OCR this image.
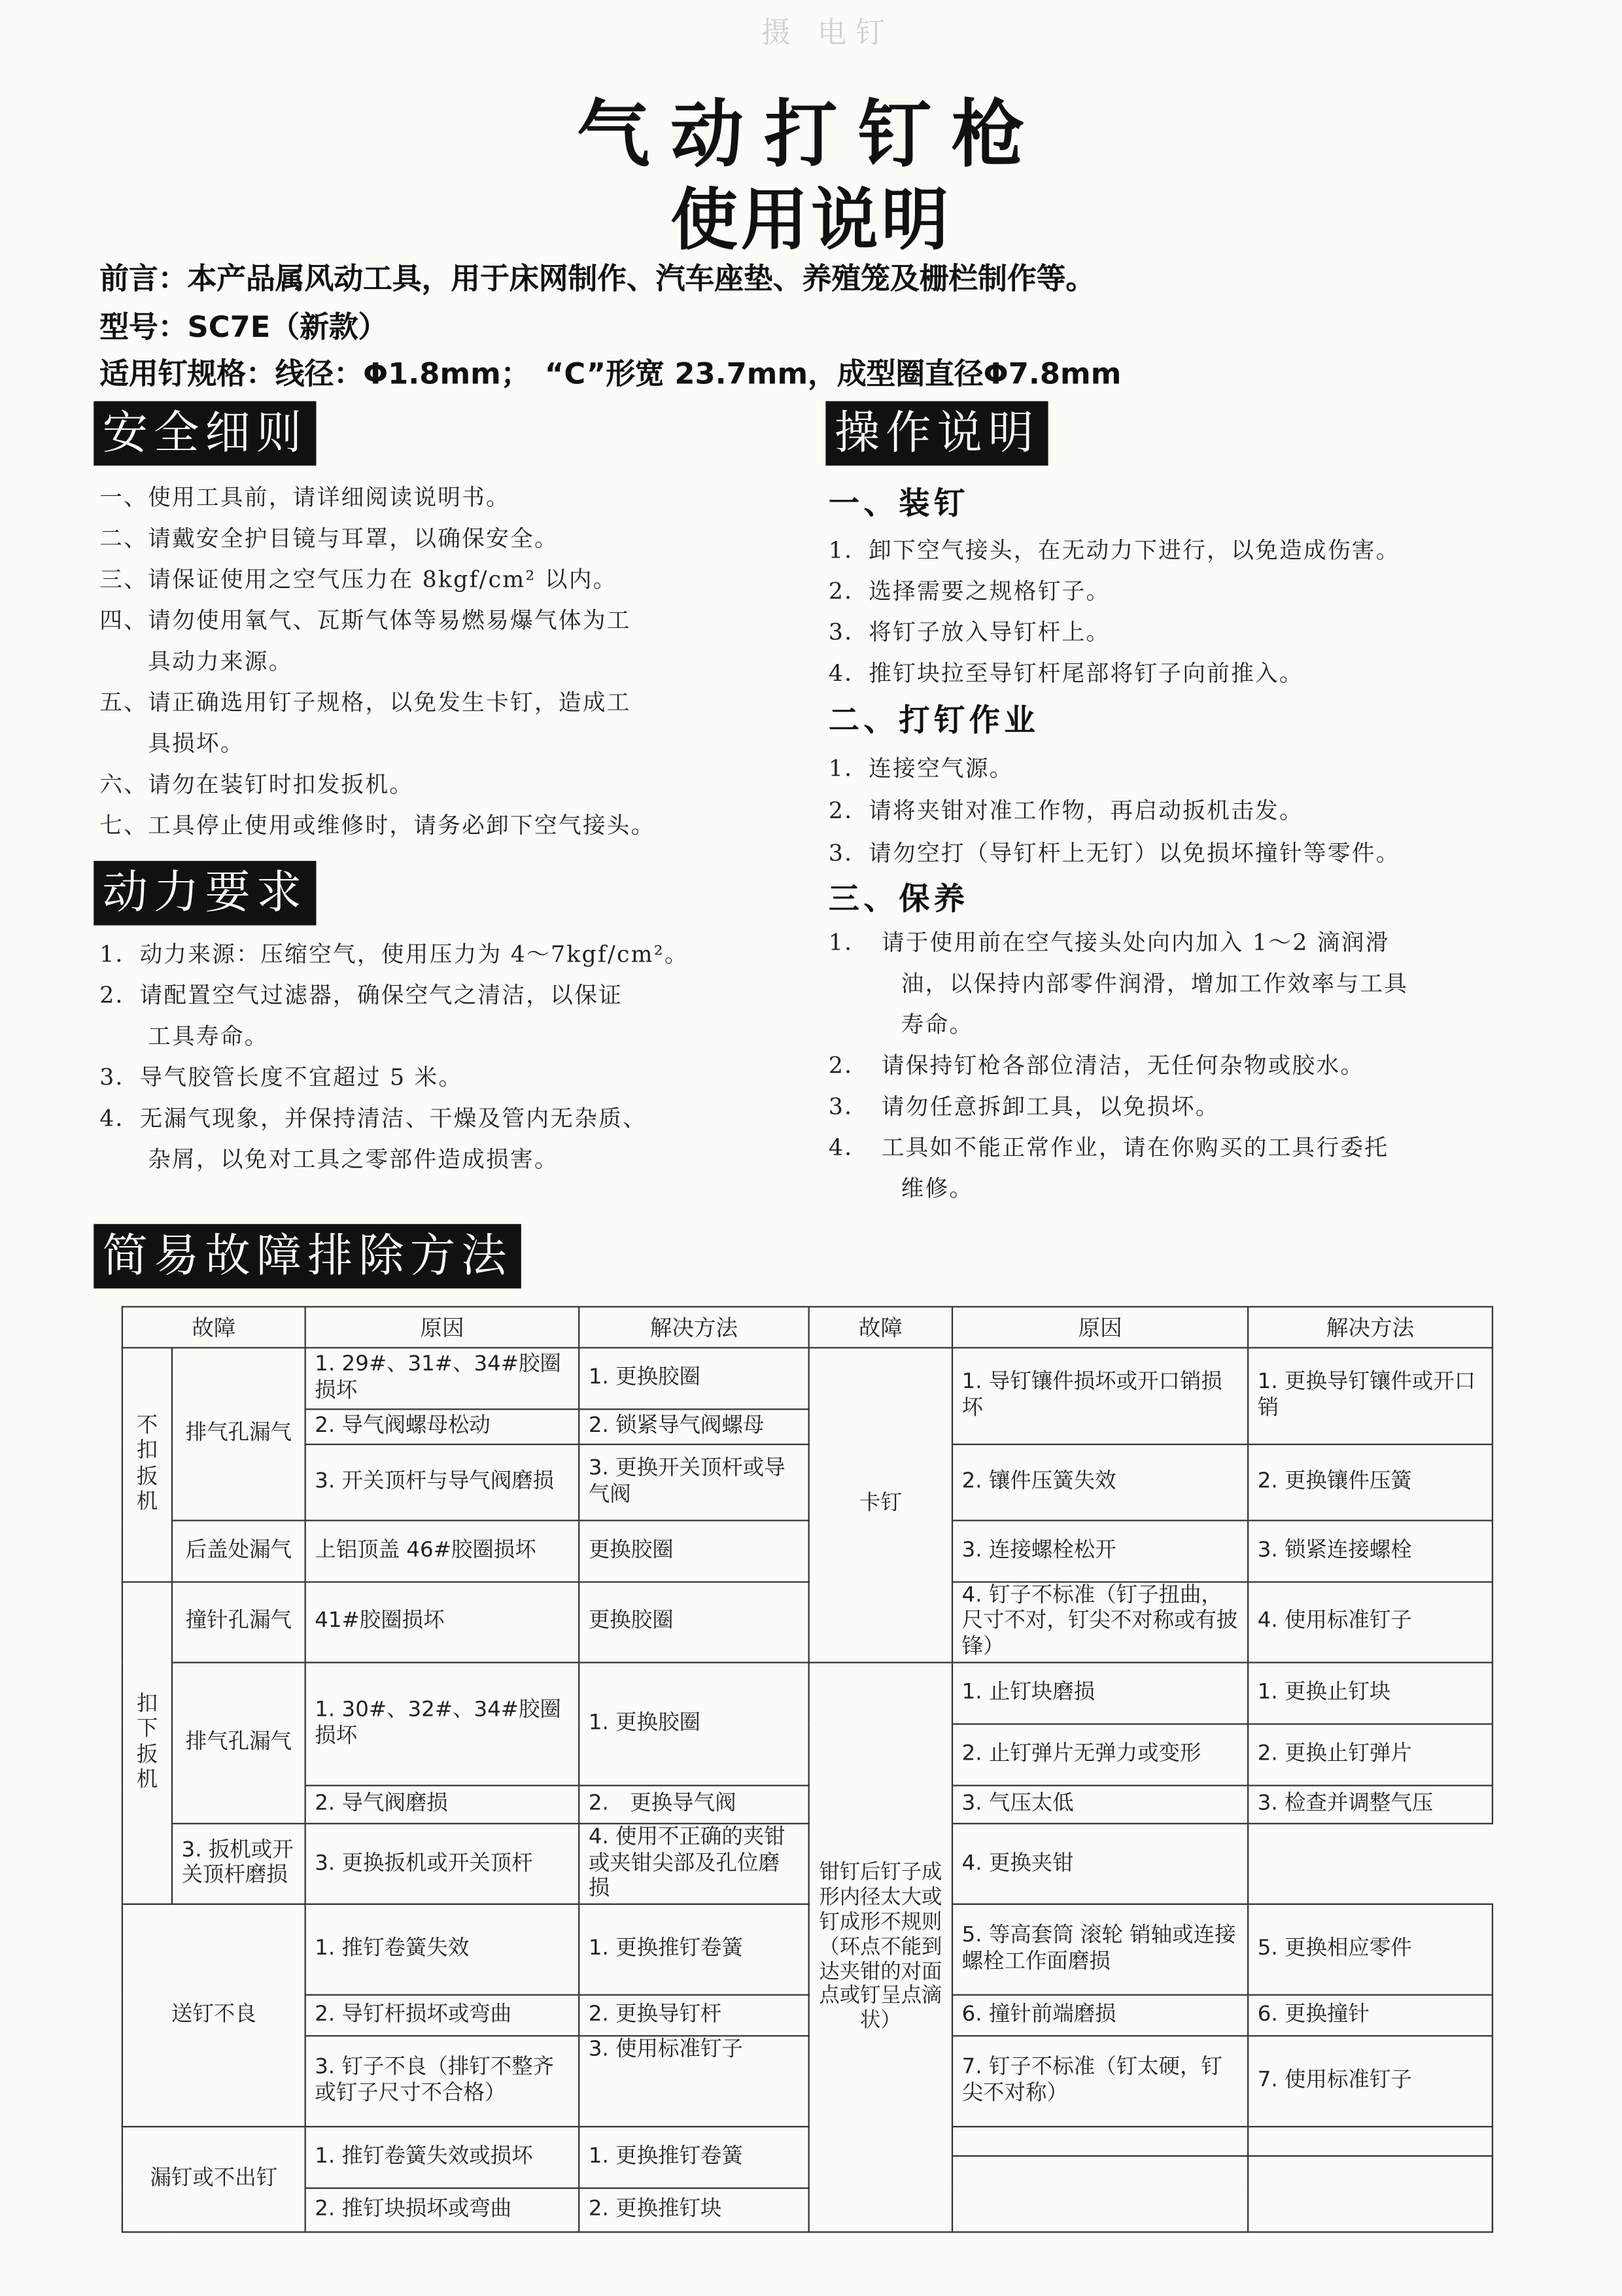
摄 电钉
气动打钉枪
使用说明
前言：本产品属风动工具，用于床网制作、汽车座垫、养殖笼及栅栏制作等。
型号：SC7E（新款）
适用钉规格：线径：Φ1.8mm；　“C”形宽 23.7mm，成型圈直径Φ7.8mm
安全细则
一、使用工具前，请详细阅读说明书。
二、请戴安全护目镜与耳罩，以确保安全。
三、请保证使用之空气压力在 8kgf/cm² 以内。
四、请勿使用氧气、瓦斯气体等易燃易爆气体为工
　　具动力来源。
五、请正确选用钉子规格，以免发生卡钉，造成工
　　具损坏。
六、请勿在装钉时扣发扳机。
七、工具停止使用或维修时，请务必卸下空气接头。
动力要求
1．动力来源：压缩空气，使用压力为 4～7kgf/cm²。
2．请配置空气过滤器，确保空气之清洁，以保证
　　工具寿命。
3．导气胶管长度不宜超过 5 米。
4．无漏气现象，并保持清洁、干燥及管内无杂质、
　　杂屑，以免对工具之零部件造成损害。
操作说明
一、装钉
1．卸下空气接头，在无动力下进行，以免造成伤害。
2．选择需要之规格钉子。
3．将钉子放入导钉杆上。
4．推钉块拉至导钉杆尾部将钉子向前推入。
二、打钉作业
1．连接空气源。
2．请将夹钳对准工作物，再启动扳机击发。
3．请勿空打（导钉杆上无钉）以免损坏撞针等零件。
三、保养
1．　请于使用前在空气接头处向内加入 1～2 滴润滑
　　　油，以保持内部零件润滑，增加工作效率与工具
　　　寿命。
2．　请保持钉枪各部位清洁，无任何杂物或胶水。
3．　请勿任意拆卸工具，以免损坏。
4．　工具如不能正常作业，请在你购买的工具行委托
　　　维修。
简易故障排除方法
故障		原因	解决方法	故障	原因	解决方法	
不扣扳机	排气孔漏气	1. 29#、31#、34#胶圈损坏	1. 更换胶圈	卡钉	1. 导钉镶件损坏或开口销损坏	1. 更换导钉镶件或开口销	
		2. 导气阀螺母松动	2. 锁紧导气阀螺母				
		3. 开关顶杆与导气阀磨损	3. 更换开关顶杆或导气阀		2. 镶件压簧失效	2. 更换镶件压簧	
	后盖处漏气	上铝顶盖 46#胶圈损坏	更换胶圈		3. 连接螺栓松开	3. 锁紧连接螺栓	
扣下扳机	撞针孔漏气	41#胶圈损坏	更换胶圈		4. 钉子不标准（钉子扭曲，尺寸不对，钉尖不对称或有披锋）	4. 使用标准钉子	
	排气孔漏气	1. 30#、32#、34#胶圈损坏	1. 更换胶圈	钳钉后钉子成形内径太大或钉成形不规则（环点不能到达夹钳的对面点或钉呈点滴状）	1. 止钉块磨损	1. 更换止钉块	
					2. 止钉弹片无弹力或变形	2. 更换止钉弹片	
		2. 导气阀磨损	2.　更换导气阀		3. 气压太低	3. 检查并调整气压	
	3. 扳机或开关顶杆磨损	3. 更换扳机或开关顶杆	4. 使用不正确的夹钳或夹钳尖部及孔位磨损		4. 更换夹钳		
送钉不良		1. 推钉卷簧失效	1. 更换推钉卷簧		5. 等高套筒 滚轮 销轴或连接螺栓工作面磨损	5. 更换相应零件	
		2. 导钉杆损坏或弯曲	2. 更换导钉杆		6. 撞针前端磨损	6. 更换撞针	
		3. 钉子不良（排钉不整齐或钉子尺寸不合格）	3. 使用标准钉子		7. 钉子不标准（钉太硬，钉尖不对称）	7. 使用标准钉子	
漏钉或不出钉		1. 推钉卷簧失效或损坏	1. 更换推钉卷簧				

		2. 推钉块损坏或弯曲	2. 更换推钉块				
